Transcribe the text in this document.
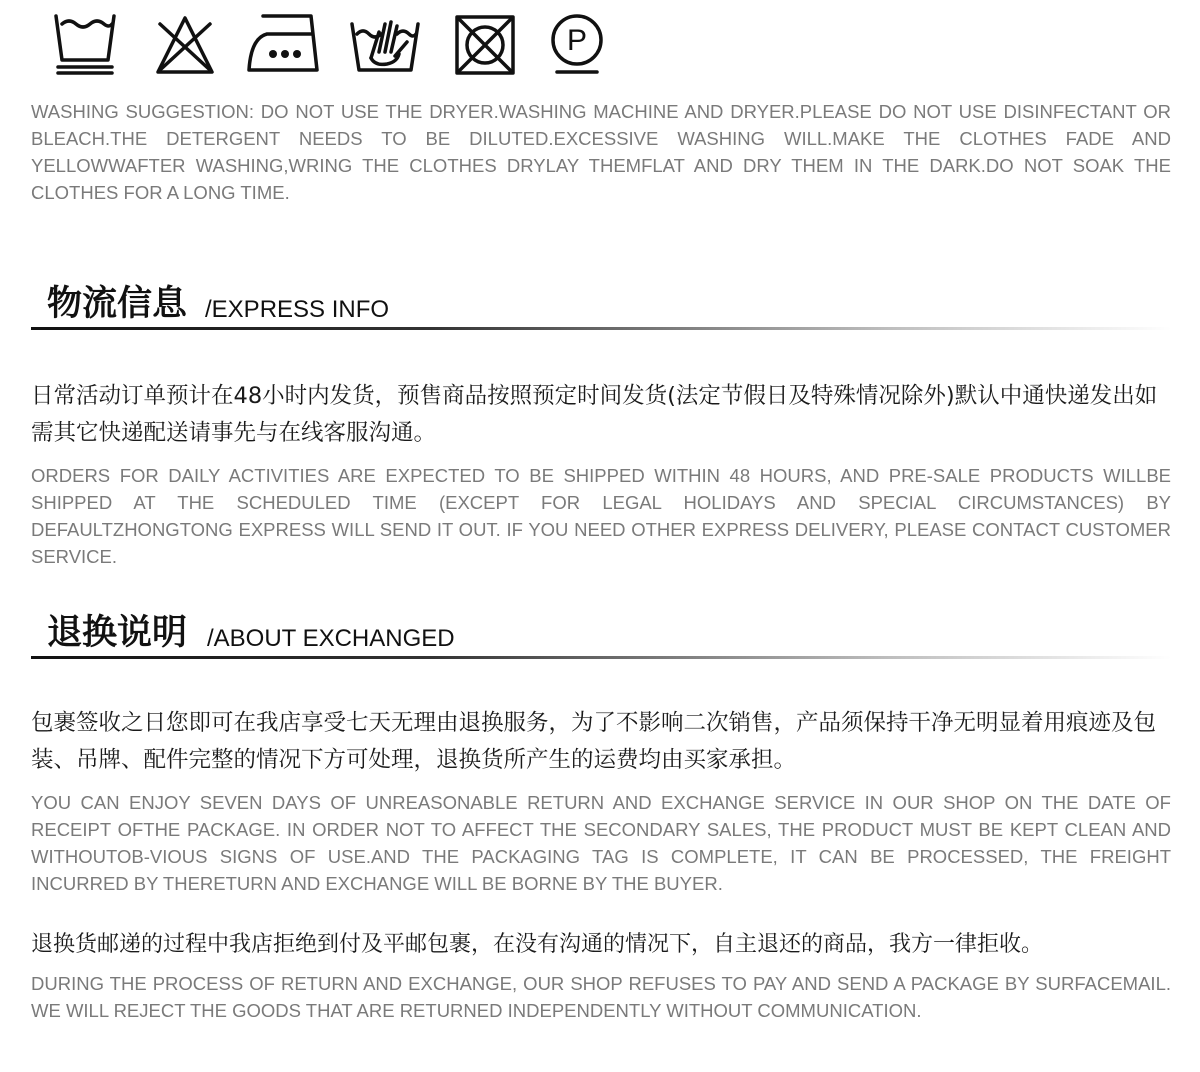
P

WASHING SUGGESTION: DO NOT USE THE DRYER.WASHING MACHINE AND DRYER.PLEASE DO NOT USE DISINFECTANT OR BLEACH.THE DETERGENT NEEDS TO BE DILUTED.EXCESSIVE WASHING WILL.MAKE THE CLOTHES FADE AND YELLOWWAFTER WASHING,WRING THE CLOTHES DRYLAY THEMFLAT AND DRY THEM IN THE DARK.DO NOT SOAK THE CLOTHES FOR A LONG TIME.

物流信息 /EXPRESS INFO

日常活动订单预计在48小时内发货，预售商品按照预定时间发货(法定节假日及特殊情况除外)默认中通快递发出如需其它快递配送请事先与在线客服沟通。

ORDERS FOR DAILY ACTIVITIES ARE EXPECTED TO BE SHIPPED WITHIN 48 HOURS, AND PRE-SALE PRODUCTS WILLBE SHIPPED AT THE SCHEDULED TIME (EXCEPT FOR LEGAL HOLIDAYS AND SPECIAL CIRCUMSTANCES) BY DEFAULTZHONGTONG EXPRESS WILL SEND IT OUT. IF YOU NEED OTHER EXPRESS DELIVERY, PLEASE CONTACT CUSTOMER SERVICE.

退换说明 /ABOUT EXCHANGED

包裹签收之日您即可在我店享受七天无理由退换服务，为了不影响二次销售，产品须保持干净无明显着用痕迹及包装、吊牌、配件完整的情况下方可处理，退换货所产生的运费均由买家承担。

YOU CAN ENJOY SEVEN DAYS OF UNREASONABLE RETURN AND EXCHANGE SERVICE IN OUR SHOP ON THE DATE OF RECEIPT OFTHE PACKAGE. IN ORDER NOT TO AFFECT THE SECONDARY SALES, THE PRODUCT MUST BE KEPT CLEAN AND WITHOUTOB-VIOUS SIGNS OF USE.AND THE PACKAGING TAG IS COMPLETE, IT CAN BE PROCESSED, THE FREIGHT INCURRED BY THERETURN AND EXCHANGE WILL BE BORNE BY THE BUYER.

退换货邮递的过程中我店拒绝到付及平邮包裹，在没有沟通的情况下，自主退还的商品，我方一律拒收。

DURING THE PROCESS OF RETURN AND EXCHANGE, OUR SHOP REFUSES TO PAY AND SEND A PACKAGE BY SURFACEMAIL. WE WILL REJECT THE GOODS THAT ARE RETURNED INDEPENDENTLY WITHOUT COMMUNICATION.
